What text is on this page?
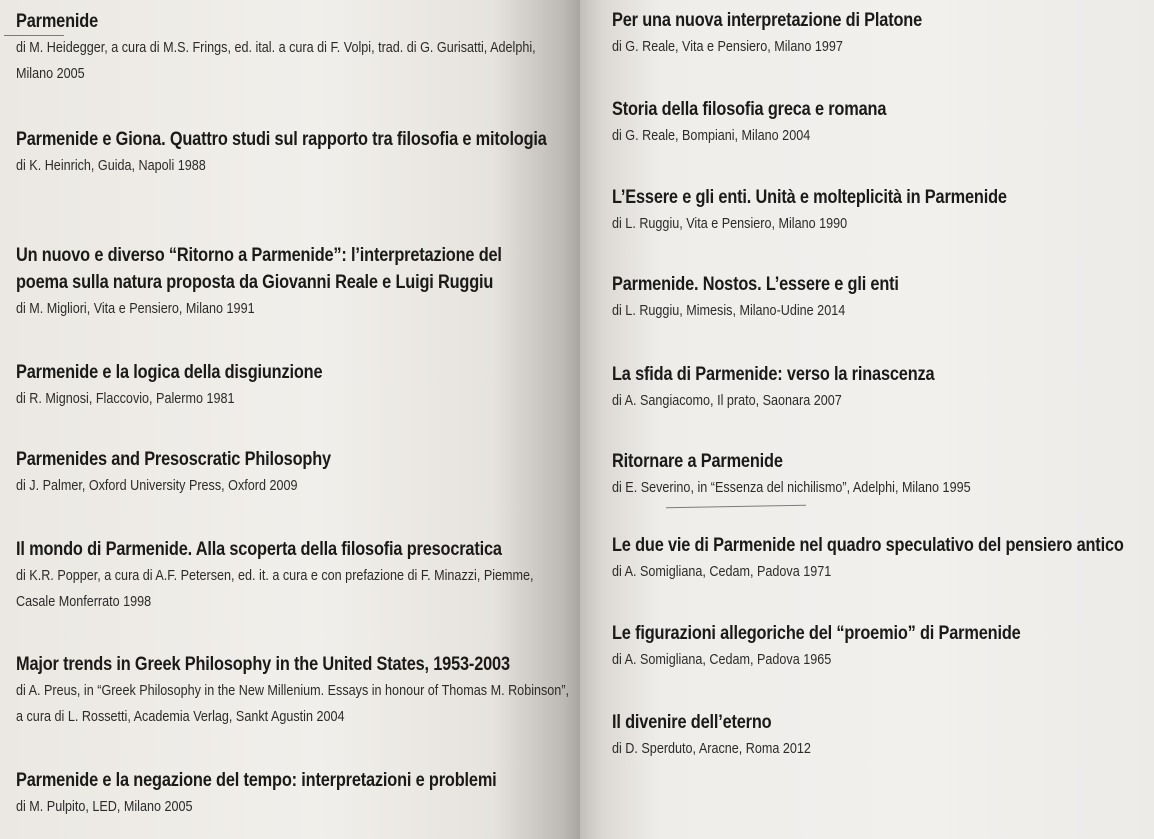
Parmenide
di M. Heidegger, a cura di M.S. Frings, ed. ital. a cura di F. Volpi, trad. di G. Gurisatti, Adelphi, Milano 2005
Parmenide e Giona. Quattro studi sul rapporto tra filosofia e mitologia
di K. Heinrich, Guida, Napoli 1988
Un nuovo e diverso “Ritorno a Parmenide”: l’interpretazione del poema sulla natura proposta da Giovanni Reale e Luigi Ruggiu
di M. Migliori, Vita e Pensiero, Milano 1991
Parmenide e la logica della disgiunzione
di R. Mignosi, Flaccovio, Palermo 1981
Parmenides and Presoscratic Philosophy
di J. Palmer, Oxford University Press, Oxford 2009
Il mondo di Parmenide. Alla scoperta della filosofia presocratica
di K.R. Popper, a cura di A.F. Petersen, ed. it. a cura e con prefazione di F. Minazzi, Piemme, Casale Monferrato 1998
Major trends in Greek Philosophy in the United States, 1953-2003
di A. Preus, in “Greek Philosophy in the New Millenium. Essays in honour of Thomas M. Robinson”, a cura di L. Rossetti, Academia Verlag, Sankt Agustin 2004
Parmenide e la negazione del tempo: interpretazioni e problemi
di M. Pulpito, LED, Milano 2005
Per una nuova interpretazione di Platone
di G. Reale, Vita e Pensiero, Milano 1997
Storia della filosofia greca e romana
di G. Reale, Bompiani, Milano 2004
L’Essere e gli enti. Unità e molteplicità in Parmenide
di L. Ruggiu, Vita e Pensiero, Milano 1990
Parmenide. Nostos. L’essere e gli enti
di L. Ruggiu, Mimesis, Milano-Udine 2014
La sfida di Parmenide: verso la rinascenza
di A. Sangiacomo, Il prato, Saonara 2007
Ritornare a Parmenide
di E. Severino, in “Essenza del nichilismo”, Adelphi, Milano 1995
Le due vie di Parmenide nel quadro speculativo del pensiero antico
di A. Somigliana, Cedam, Padova 1971
Le figurazioni allegoriche del “proemio” di Parmenide
di A. Somigliana, Cedam, Padova 1965
Il divenire dell’eterno
di D. Sperduto, Aracne, Roma 2012
